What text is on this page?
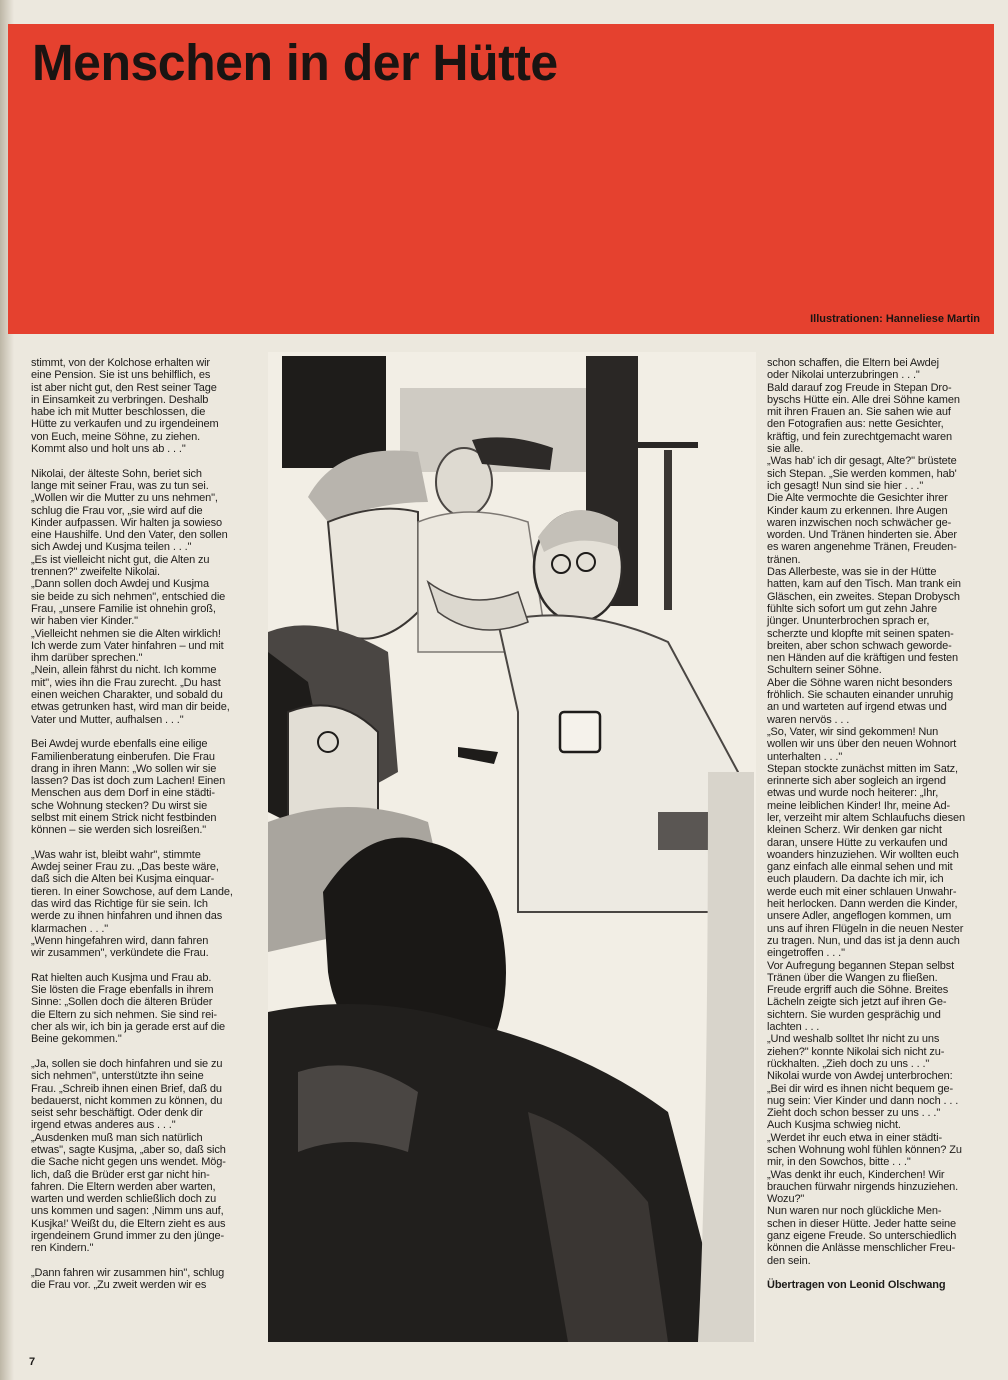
Menschen in der Hütte
Illustrationen: Hanneliese Martin

stimmt, von der Kolchose erhalten wir
eine Pension. Sie ist uns behilflich, es
ist aber nicht gut, den Rest seiner Tage
in Einsamkeit zu verbringen. Deshalb
habe ich mit Mutter beschlossen, die
Hütte zu verkaufen und zu irgendeinem
von Euch, meine Söhne, zu ziehen.
Kommt also und holt uns ab . . ."

Nikolai, der älteste Sohn, beriet sich
lange mit seiner Frau, was zu tun sei.
„Wollen wir die Mutter zu uns nehmen",
schlug die Frau vor, „sie wird auf die
Kinder aufpassen. Wir halten ja sowieso
eine Haushilfe. Und den Vater, den sollen
sich Awdej und Kusjma teilen . . ."
„Es ist vielleicht nicht gut, die Alten zu
trennen?" zweifelte Nikolai.
„Dann sollen doch Awdej und Kusjma
sie beide zu sich nehmen", entschied die
Frau, „unsere Familie ist ohnehin groß,
wir haben vier Kinder."
„Vielleicht nehmen sie die Alten wirklich!
Ich werde zum Vater hinfahren – und mit
ihm darüber sprechen."
„Nein, allein fährst du nicht. Ich komme
mit", wies ihn die Frau zurecht. „Du hast
einen weichen Charakter, und sobald du
etwas getrunken hast, wird man dir beide,
Vater und Mutter, aufhalsen . . ."

Bei Awdej wurde ebenfalls eine eilige
Familienberatung einberufen. Die Frau
drang in ihren Mann: „Wo sollen wir sie
lassen? Das ist doch zum Lachen! Einen
Menschen aus dem Dorf in eine städti-
sche Wohnung stecken? Du wirst sie
selbst mit einem Strick nicht festbinden
können – sie werden sich losreißen."

„Was wahr ist, bleibt wahr", stimmte
Awdej seiner Frau zu. „Das beste wäre,
daß sich die Alten bei Kusjma einquar-
tieren. In einer Sowchose, auf dem Lande,
das wird das Richtige für sie sein. Ich
werde zu ihnen hinfahren und ihnen das
klarmachen . . ."
„Wenn hingefahren wird, dann fahren
wir zusammen", verkündete die Frau.

Rat hielten auch Kusjma und Frau ab.
Sie lösten die Frage ebenfalls in ihrem
Sinne: „Sollen doch die älteren Brüder
die Eltern zu sich nehmen. Sie sind rei-
cher als wir, ich bin ja gerade erst auf die
Beine gekommen."

„Ja, sollen sie doch hinfahren und sie zu
sich nehmen", unterstützte ihn seine
Frau. „Schreib ihnen einen Brief, daß du
bedauerst, nicht kommen zu können, du
seist sehr beschäftigt. Oder denk dir
irgend etwas anderes aus . . ."
„Ausdenken muß man sich natürlich
etwas", sagte Kusjma, „aber so, daß sich
die Sache nicht gegen uns wendet. Mög-
lich, daß die Brüder erst gar nicht hin-
fahren. Die Eltern werden aber warten,
warten und werden schließlich doch zu
uns kommen und sagen: ‚Nimm uns auf,
Kusjka!' Weißt du, die Eltern zieht es aus
irgendeinem Grund immer zu den jünge-
ren Kindern."

„Dann fahren wir zusammen hin", schlug
die Frau vor. „Zu zweit werden wir es

schon schaffen, die Eltern bei Awdej
oder Nikolai unterzubringen . . ."
Bald darauf zog Freude in Stepan Dro-
byschs Hütte ein. Alle drei Söhne kamen
mit ihren Frauen an. Sie sahen wie auf
den Fotografien aus: nette Gesichter,
kräftig, und fein zurechtgemacht waren
sie alle.
„Was hab' ich dir gesagt, Alte?" brüstete
sich Stepan. „Sie werden kommen, hab'
ich gesagt! Nun sind sie hier . . ."
Die Alte vermochte die Gesichter ihrer
Kinder kaum zu erkennen. Ihre Augen
waren inzwischen noch schwächer ge-
worden. Und Tränen hinderten sie. Aber
es waren angenehme Tränen, Freuden-
tränen.
Das Allerbeste, was sie in der Hütte
hatten, kam auf den Tisch. Man trank ein
Gläschen, ein zweites. Stepan Drobysch
fühlte sich sofort um gut zehn Jahre
jünger. Ununterbrochen sprach er,
scherzte und klopfte mit seinen spaten-
breiten, aber schon schwach geworde-
nen Händen auf die kräftigen und festen
Schultern seiner Söhne.
Aber die Söhne waren nicht besonders
fröhlich. Sie schauten einander unruhig
an und warteten auf irgend etwas und
waren nervös . . .
„So, Vater, wir sind gekommen! Nun
wollen wir uns über den neuen Wohnort
unterhalten . . ."
Stepan stockte zunächst mitten im Satz,
erinnerte sich aber sogleich an irgend
etwas und wurde noch heiterer: „Ihr,
meine leiblichen Kinder! Ihr, meine Ad-
ler, verzeiht mir altem Schlaufuchs diesen
kleinen Scherz. Wir denken gar nicht
daran, unsere Hütte zu verkaufen und
woanders hinzuziehen. Wir wollten euch
ganz einfach alle einmal sehen und mit
euch plaudern. Da dachte ich mir, ich
werde euch mit einer schlauen Unwahr-
heit herlocken. Dann werden die Kinder,
unsere Adler, angeflogen kommen, um
uns auf ihren Flügeln in die neuen Nester
zu tragen. Nun, und das ist ja denn auch
eingetroffen . . ."
Vor Aufregung begannen Stepan selbst
Tränen über die Wangen zu fließen.
Freude ergriff auch die Söhne. Breites
Lächeln zeigte sich jetzt auf ihren Ge-
sichtern. Sie wurden gesprächig und
lachten . . .
„Und weshalb solltet Ihr nicht zu uns
ziehen?" konnte Nikolai sich nicht zu-
rückhalten. „Zieh doch zu uns . . ."
Nikolai wurde von Awdej unterbrochen:
„Bei dir wird es ihnen nicht bequem ge-
nug sein: Vier Kinder und dann noch . . .
Zieht doch schon besser zu uns . . ."
Auch Kusjma schwieg nicht.
„Werdet ihr euch etwa in einer städti-
schen Wohnung wohl fühlen können? Zu
mir, in den Sowchos, bitte . . ."
„Was denkt ihr euch, Kinderchen! Wir
brauchen fürwahr nirgends hinzuziehen.
Wozu?"
Nun waren nur noch glückliche Men-
schen in dieser Hütte. Jeder hatte seine
ganz eigene Freude. So unterschiedlich
können die Anlässe menschlicher Freu-
den sein.

Übertragen von Leonid Olschwang
7
